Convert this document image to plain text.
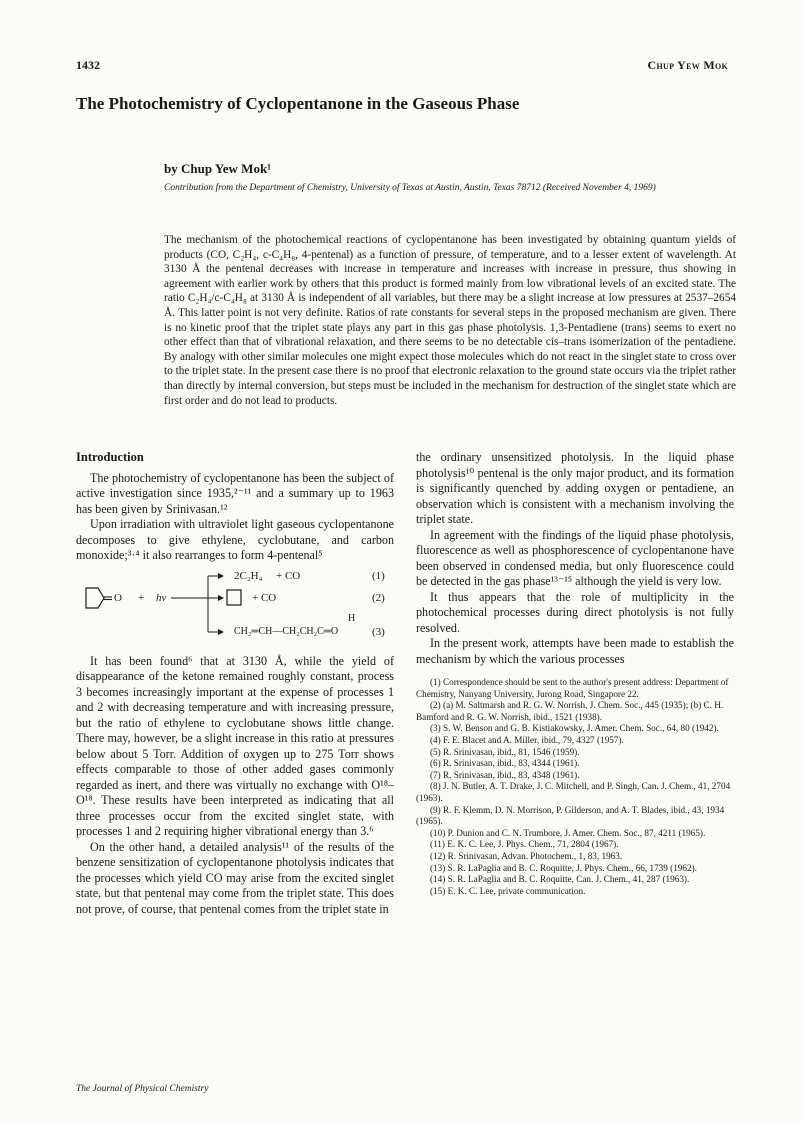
1432	Chup Yew Mok
The Photochemistry of Cyclopentanone in the Gaseous Phase

by Chup Yew Mok¹

Contribution from the Department of Chemistry, University of Texas at Austin, Austin, Texas 78712 (Received November 4, 1969)

The mechanism of the photochemical reactions of cyclopentanone has been investigated by obtaining quantum yields of products (CO, C₂H₄, c-C₄H₈, 4-pentenal) as a function of pressure, of temperature, and to a lesser extent of wavelength. At 3130 Å the pentenal decreases with increase in temperature and increases with increase in pressure, thus showing in agreement with earlier work by others that this product is formed mainly from low vibrational levels of an excited state. The ratio C₂H₄/c-C₄H₈ at 3130 Å is independent of all variables, but there may be a slight increase at low pressures at 2537–2654 Å. This latter point is not very definite. Ratios of rate constants for several steps in the proposed mechanism are given. There is no kinetic proof that the triplet state plays any part in this gas phase photolysis. 1,3-Pentadiene (trans) seems to exert no other effect than that of vibrational relaxation, and there seems to be no detectable cis–trans isomerization of the pentadiene. By analogy with other similar molecules one might expect those molecules which do not react in the singlet state to cross over to the triplet state. In the present case there is no proof that electronic relaxation to the ground state occurs via the triplet rather than directly by internal conversion, but steps must be included in the mechanism for destruction of the singlet state which are first order and do not lead to products.

Introduction

The photochemistry of cyclopentanone has been the subject of active investigation since 1935,²⁻¹¹ and a summary up to 1963 has been given by Srinivasan.¹²

Upon irradiation with ultraviolet light gaseous cyclopentanone decomposes to give ethylene, cyclobutane, and carbon monoxide;³·⁴ it also rearranges to form 4-pentenal⁵

O + hν
2C₂H₄ + CO	(1)
+ CO	(2)
H
CH₂═CH—CH₂CH₂C═O	(3)

It has been found⁶ that at 3130 Å, while the yield of disappearance of the ketone remained roughly constant, process 3 becomes increasingly important at the expense of processes 1 and 2 with decreasing temperature and with increasing pressure, but the ratio of ethylene to cyclobutane shows little change. There may, however, be a slight increase in this ratio at pressures below about 5 Torr. Addition of oxygen up to 275 Torr shows effects comparable to those of other added gases commonly regarded as inert, and there was virtually no exchange with O¹⁸–O¹⁸. These results have been interpreted as indicating that all three processes occur from the excited singlet state, with processes 1 and 2 requiring higher vibrational energy than 3.⁶

On the other hand, a detailed analysis¹¹ of the results of the benzene sensitization of cyclopentanone photolysis indicates that the processes which yield CO may arise from the excited singlet state, but that pentenal may come from the triplet state. This does not prove, of course, that pentenal comes from the triplet state in

the ordinary unsensitized photolysis. In the liquid phase photolysis¹⁰ pentenal is the only major product, and its formation is significantly quenched by adding oxygen or pentadiene, an observation which is consistent with a mechanism involving the triplet state.

In agreement with the findings of the liquid phase photolysis, fluorescence as well as phosphorescence of cyclopentanone have been observed in condensed media, but only fluorescence could be detected in the gas phase¹³⁻¹⁵ although the yield is very low.

It thus appears that the role of multiplicity in the photochemical processes during direct photolysis is not fully resolved.

In the present work, attempts have been made to establish the mechanism by which the various processes

(1) Correspondence should be sent to the author's present address: Department of Chemistry, Nanyang University, Jurong Road, Singapore 22.

(2) (a) M. Saltmarsh and R. G. W. Norrish, J. Chem. Soc., 445 (1935); (b) C. H. Bamford and R. G. W. Norrish, ibid., 1521 (1938).

(3) S. W. Benson and G. B. Kistiakowsky, J. Amer. Chem. Soc., 64, 80 (1942).

(4) F. E. Blacet and A. Miller, ibid., 79, 4327 (1957).

(5) R. Srinivasan, ibid., 81, 1546 (1959).

(6) R. Srinivasan, ibid., 83, 4344 (1961).

(7) R. Srinivasan, ibid., 83, 4348 (1961).

(8) J. N. Butler, A. T. Drake, J. C. Mitchell, and P. Singh, Can. J. Chem., 41, 2704 (1963).

(9) R. F. Klemm, D. N. Morrison, P. Gilderson, and A. T. Blades, ibid., 43, 1934 (1965).

(10) P. Dunion and C. N. Trumbore, J. Amer. Chem. Soc., 87, 4211 (1965).

(11) E. K. C. Lee, J. Phys. Chem., 71, 2804 (1967).

(12) R. Srinivasan, Advan. Photochem., 1, 83, 1963.

(13) S. R. LaPaglia and B. C. Roquitte, J. Phys. Chem., 66, 1739 (1962).

(14) S. R. LaPaglia and B. C. Roquitte, Can. J. Chem., 41, 287 (1963).

(15) E. K. C. Lee, private communication.

The Journal of Physical Chemistry
